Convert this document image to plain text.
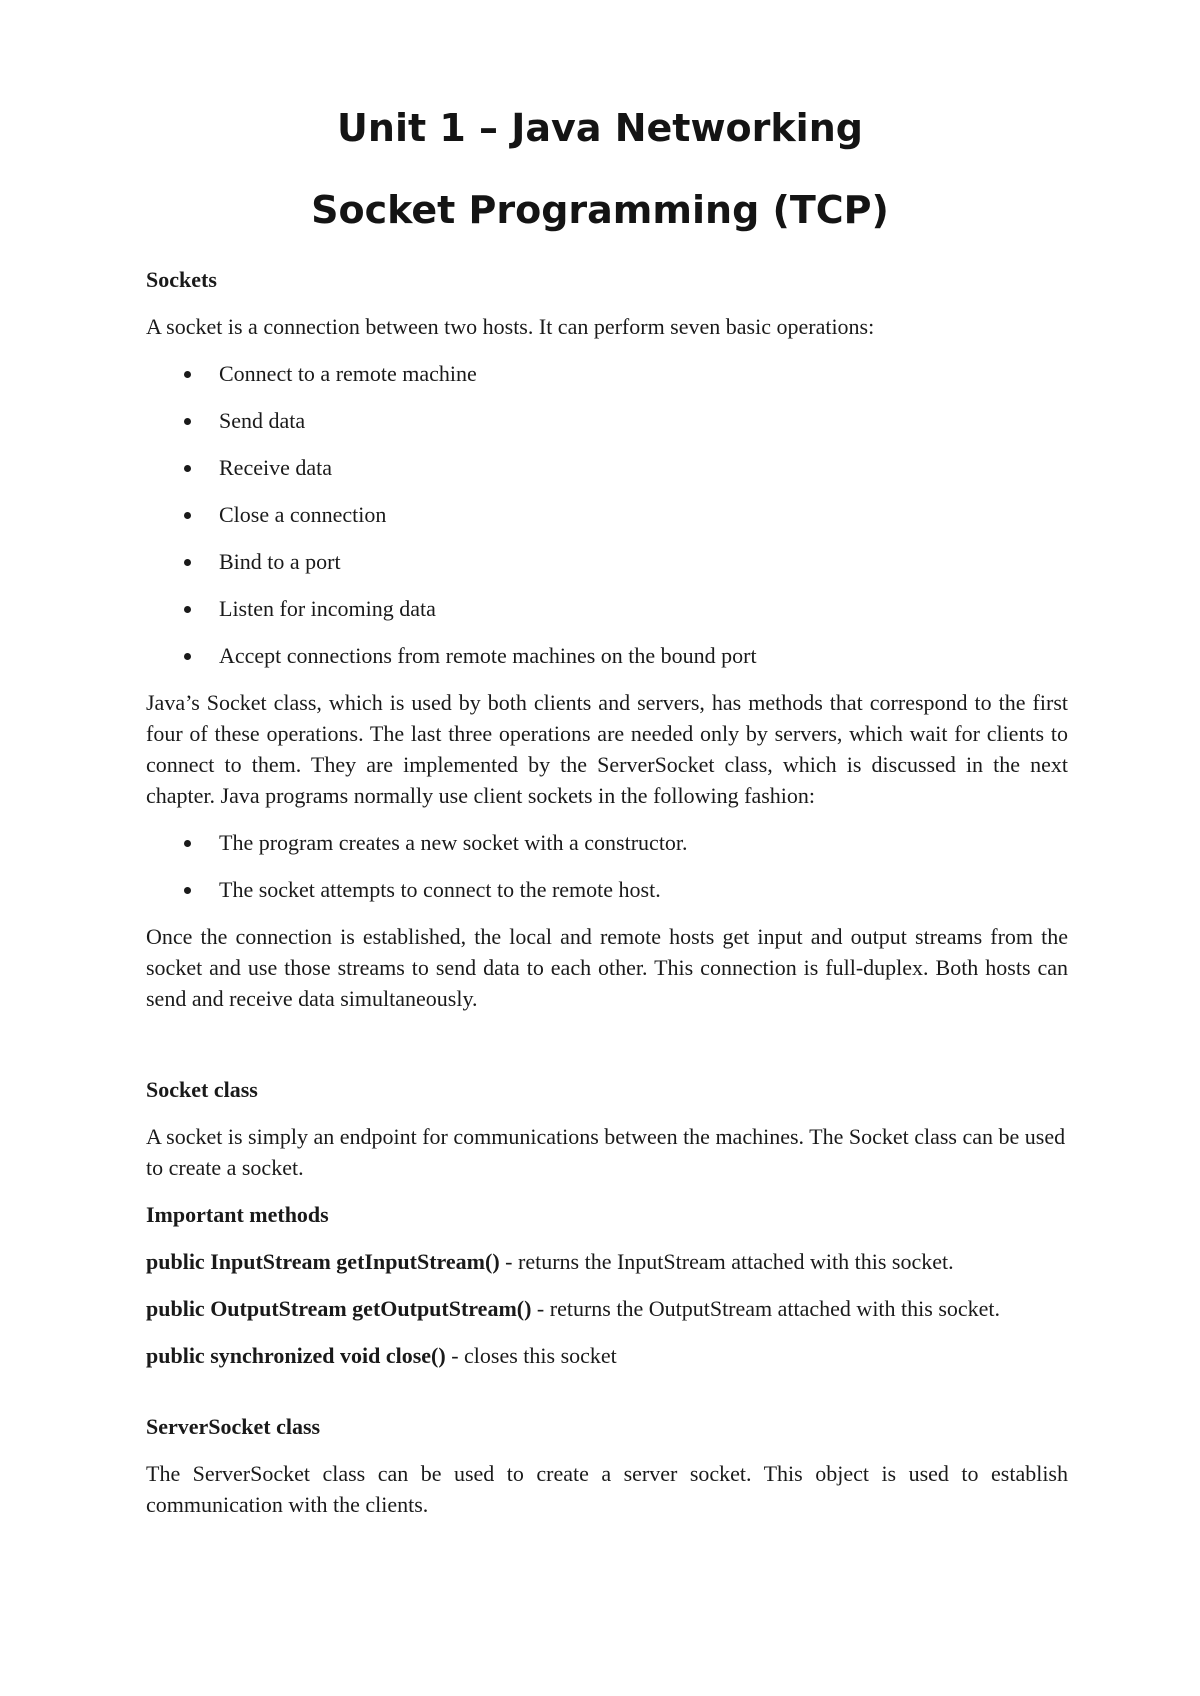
Unit 1 – Java Networking
Socket Programming (TCP)

Sockets

A socket is a connection between two hosts. It can perform seven basic operations:

Connect to a remote machine
Send data
Receive data
Close a connection
Bind to a port
Listen for incoming data
Accept connections from remote machines on the bound port

Java’s Socket class, which is used by both clients and servers, has methods that correspond to the first four of these operations. The last three operations are needed only by servers, which wait for clients to connect to them. They are implemented by the ServerSocket class, which is discussed in the next chapter. Java programs normally use client sockets in the following fashion:

The program creates a new socket with a constructor.
The socket attempts to connect to the remote host.

Once the connection is established, the local and remote hosts get input and output streams from the socket and use those streams to send data to each other. This connection is full-duplex. Both hosts can send and receive data simultaneously.

Socket class

A socket is simply an endpoint for communications between the machines. The Socket class can be used to create a socket.

Important methods

public InputStream getInputStream() - returns the InputStream attached with this socket.

public OutputStream getOutputStream() - returns the OutputStream attached with this socket.

public synchronized void close() - closes this socket

ServerSocket class

The ServerSocket class can be used to create a server socket. This object is used to establish communication with the clients.
